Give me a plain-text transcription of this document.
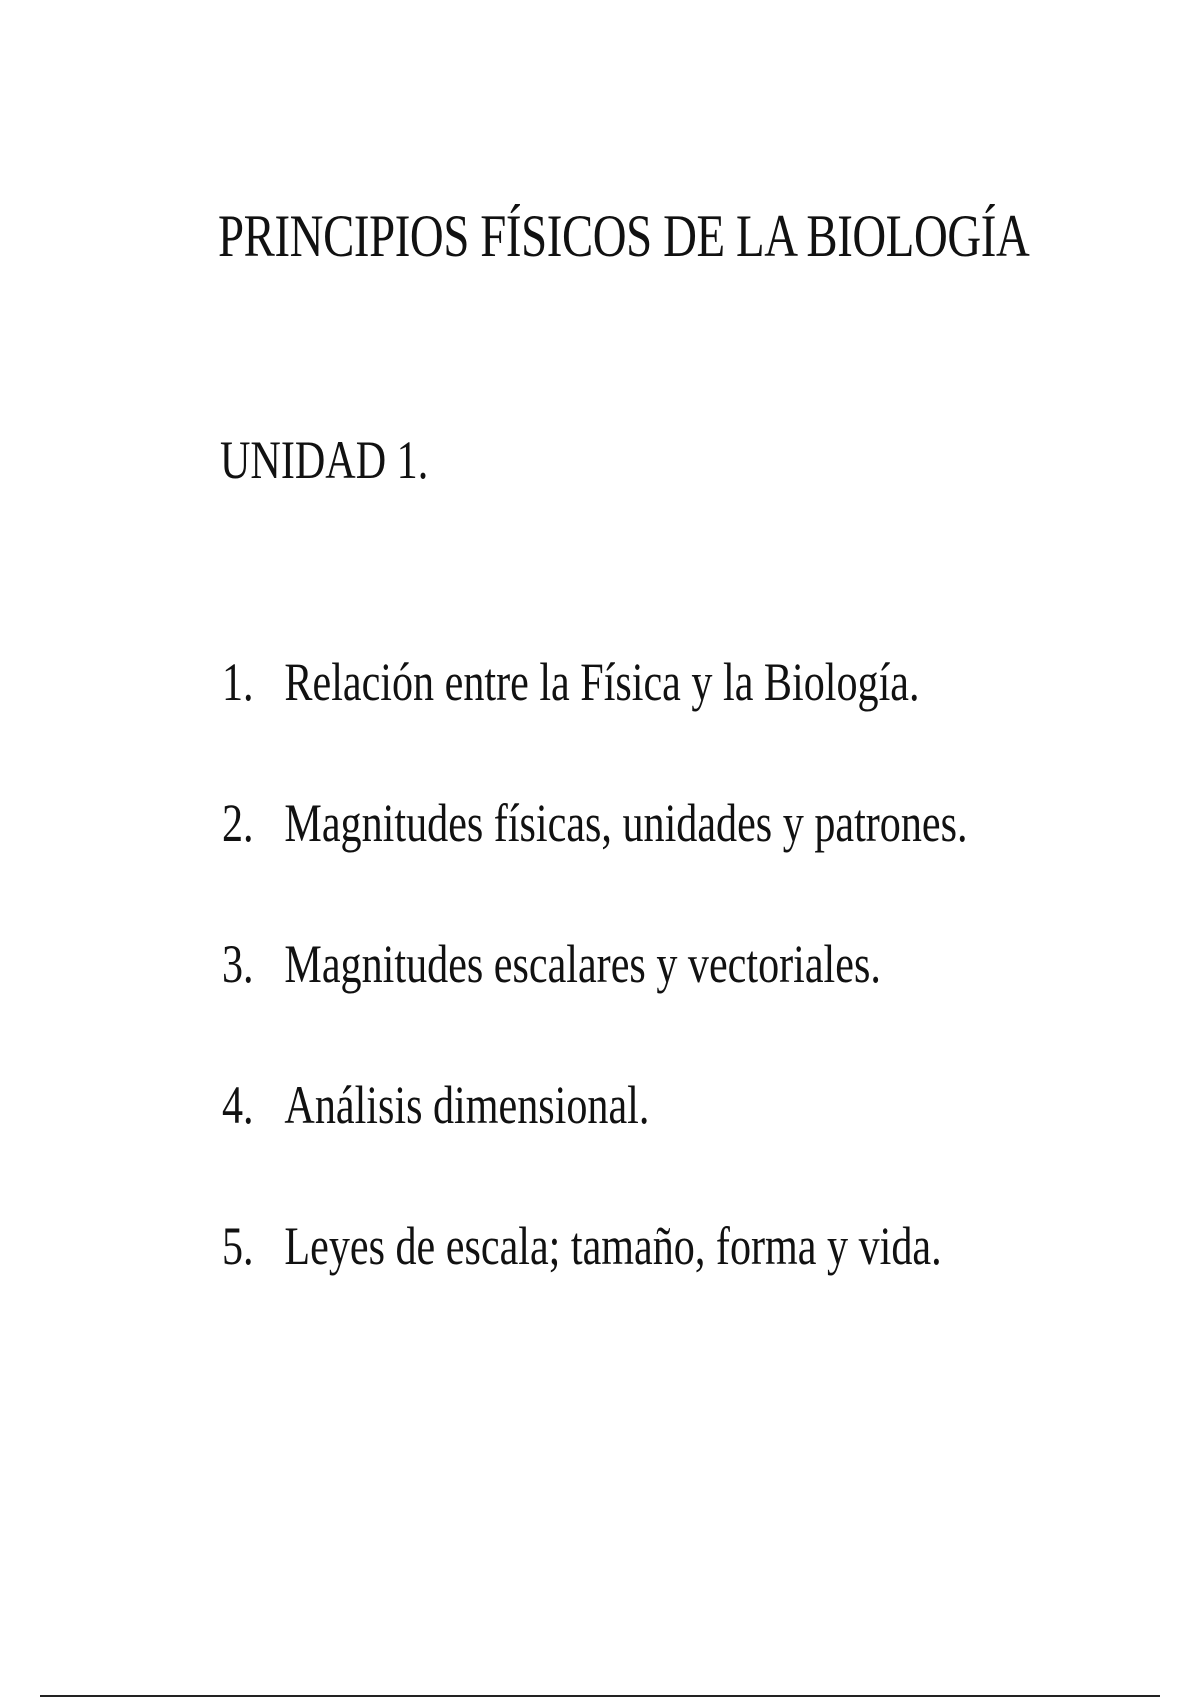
PRINCIPIOS FÍSICOS DE LA BIOLOGÍA
UNIDAD 1.
1. Relación entre la Física y la Biología.
2. Magnitudes físicas, unidades y patrones.
3. Magnitudes escalares y vectoriales.
4. Análisis dimensional.
5. Leyes de escala; tamaño, forma y vida.
